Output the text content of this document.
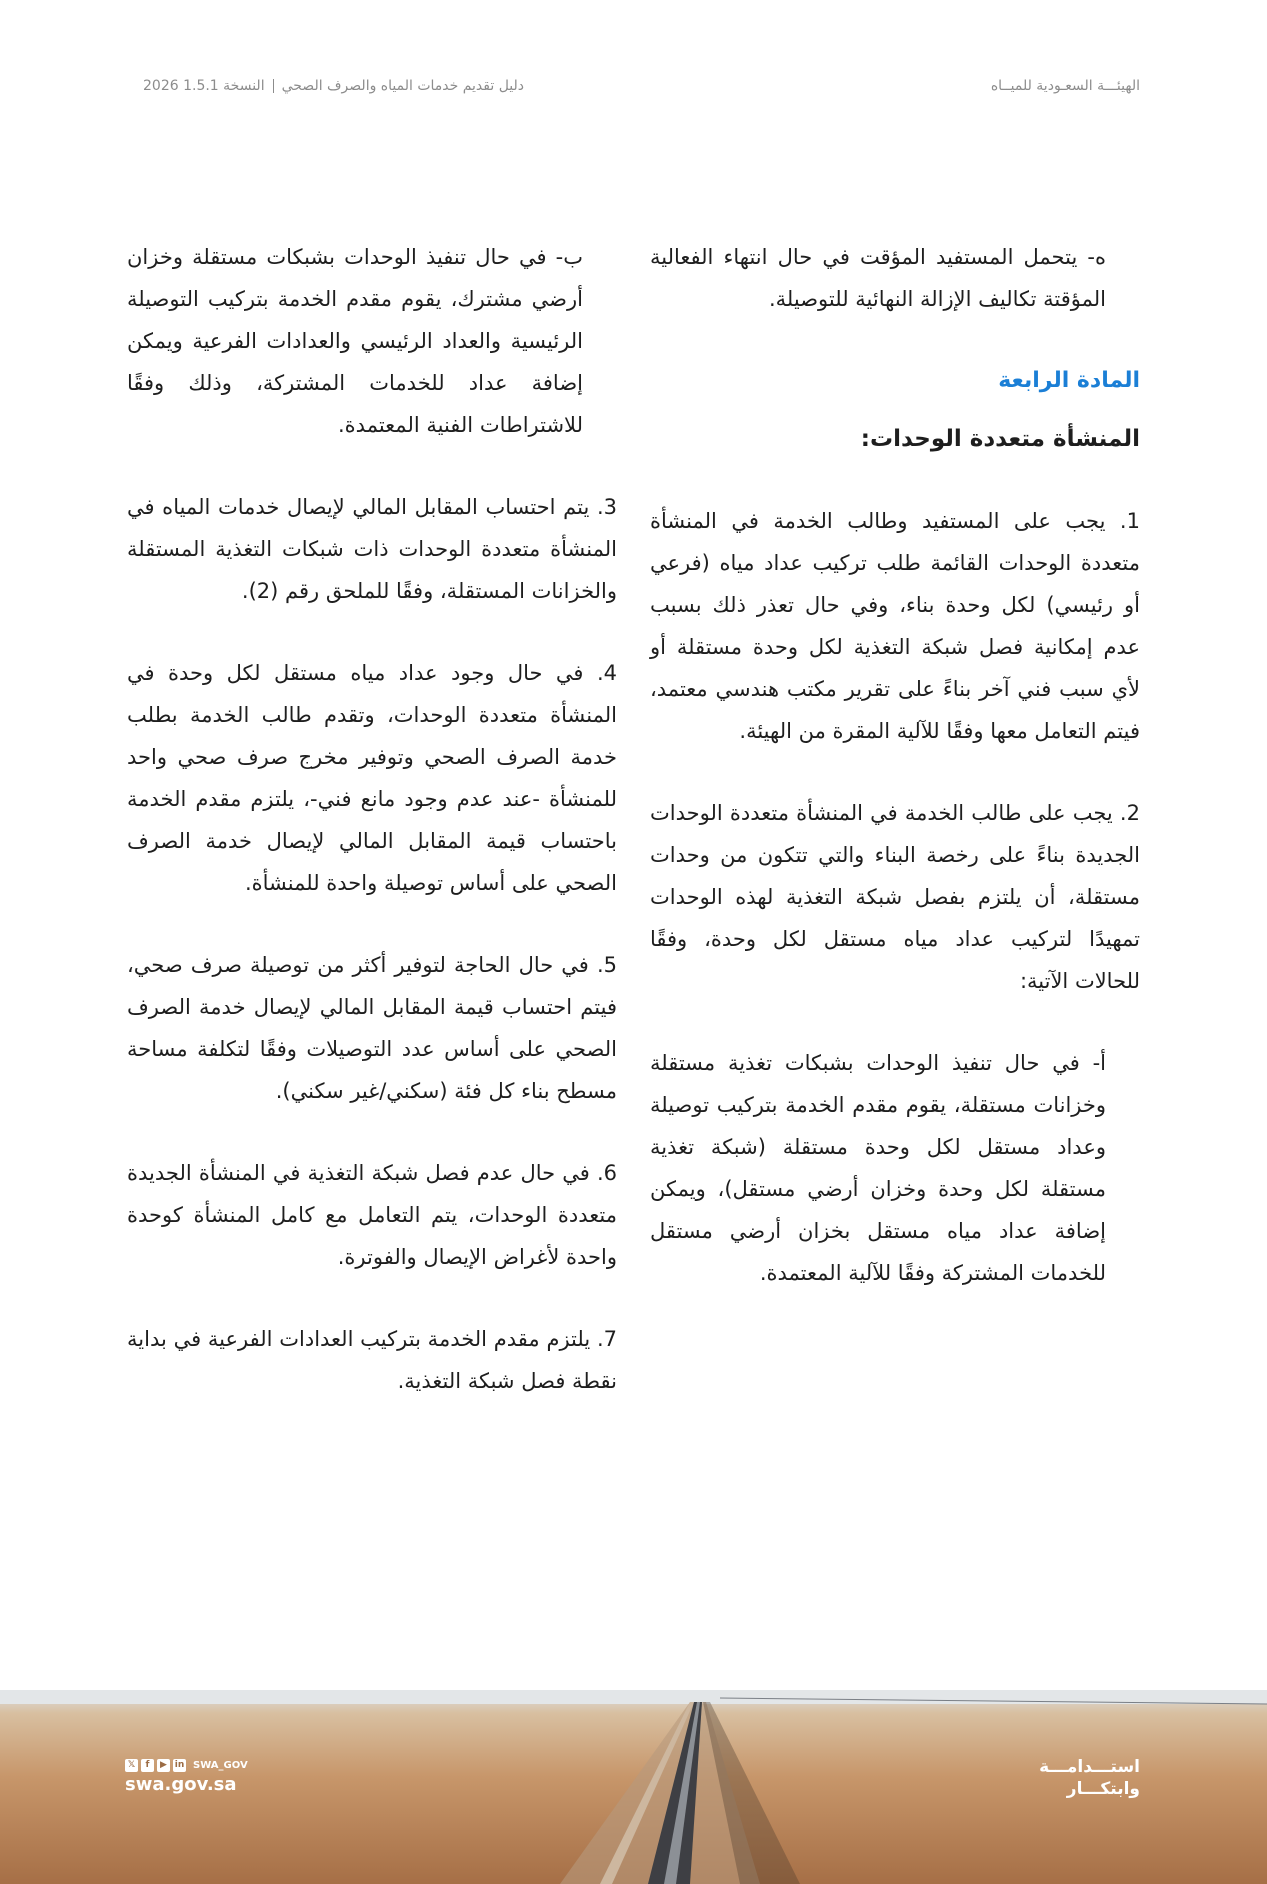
الهيئـــة السعـودية للميــاه
دليل تقديم خدمات المياه والصرف الصحيالنسخة 1.5.1 2026

ه- يتحمل المستفيد المؤقت في حال انتهاء الفعالية المؤقتة تكاليف الإزالة النهائية للتوصيلة.

المادة الرابعة
المنشأة متعددة الوحدات:

1. يجب على المستفيد وطالب الخدمة في المنشأة متعددة الوحدات القائمة طلب تركيب عداد مياه (فرعي أو رئيسي) لكل وحدة بناء، وفي حال تعذر ذلك بسبب عدم إمكانية فصل شبكة التغذية لكل وحدة مستقلة أو لأي سبب فني آخر بناءً على تقرير مكتب هندسي معتمد، فيتم التعامل معها وفقًا للآلية المقرة من الهيئة.

2. يجب على طالب الخدمة في المنشأة متعددة الوحدات الجديدة بناءً على رخصة البناء والتي تتكون من وحدات مستقلة، أن يلتزم بفصل شبكة التغذية لهذه الوحدات تمهيدًا لتركيب عداد مياه مستقل لكل وحدة، وفقًا للحالات الآتية:

أ- في حال تنفيذ الوحدات بشبكات تغذية مستقلة وخزانات مستقلة، يقوم مقدم الخدمة بتركيب توصيلة وعداد مستقل لكل وحدة مستقلة (شبكة تغذية مستقلة لكل وحدة وخزان أرضي مستقل)، ويمكن إضافة عداد مياه مستقل بخزان أرضي مستقل للخدمات المشتركة وفقًا للآلية المعتمدة.

ب- في حال تنفيذ الوحدات بشبكات مستقلة وخزان أرضي مشترك، يقوم مقدم الخدمة بتركيب التوصيلة الرئيسية والعداد الرئيسي والعدادات الفرعية ويمكن إضافة عداد للخدمات المشتركة، وذلك وفقًا للاشتراطات الفنية المعتمدة.

3. يتم احتساب المقابل المالي لإيصال خدمات المياه في المنشأة متعددة الوحدات ذات شبكات التغذية المستقلة والخزانات المستقلة، وفقًا للملحق رقم (2).

4. في حال وجود عداد مياه مستقل لكل وحدة في المنشأة متعددة الوحدات، وتقدم طالب الخدمة بطلب خدمة الصرف الصحي وتوفير مخرج صرف صحي واحد للمنشأة -عند عدم وجود مانع فني-، يلتزم مقدم الخدمة باحتساب قيمة المقابل المالي لإيصال خدمة الصرف الصحي على أساس توصيلة واحدة للمنشأة.

5. في حال الحاجة لتوفير أكثر من توصيلة صرف صحي، فيتم احتساب قيمة المقابل المالي لإيصال خدمة الصرف الصحي على أساس عدد التوصيلات وفقًا لتكلفة مساحة مسطح بناء كل فئة (سكني/غير سكني).

6. في حال عدم فصل شبكة التغذية في المنشأة الجديدة متعددة الوحدات، يتم التعامل مع كامل المنشأة كوحدة واحدة لأغراض الإيصال والفوترة.

7. يلتزم مقدم الخدمة بتركيب العدادات الفرعية في بداية نقطة فصل شبكة التغذية.

استـــدامـــة
وابتكـــار
𝕏	f	▶ in SWA_GOV
swa.gov.sa
